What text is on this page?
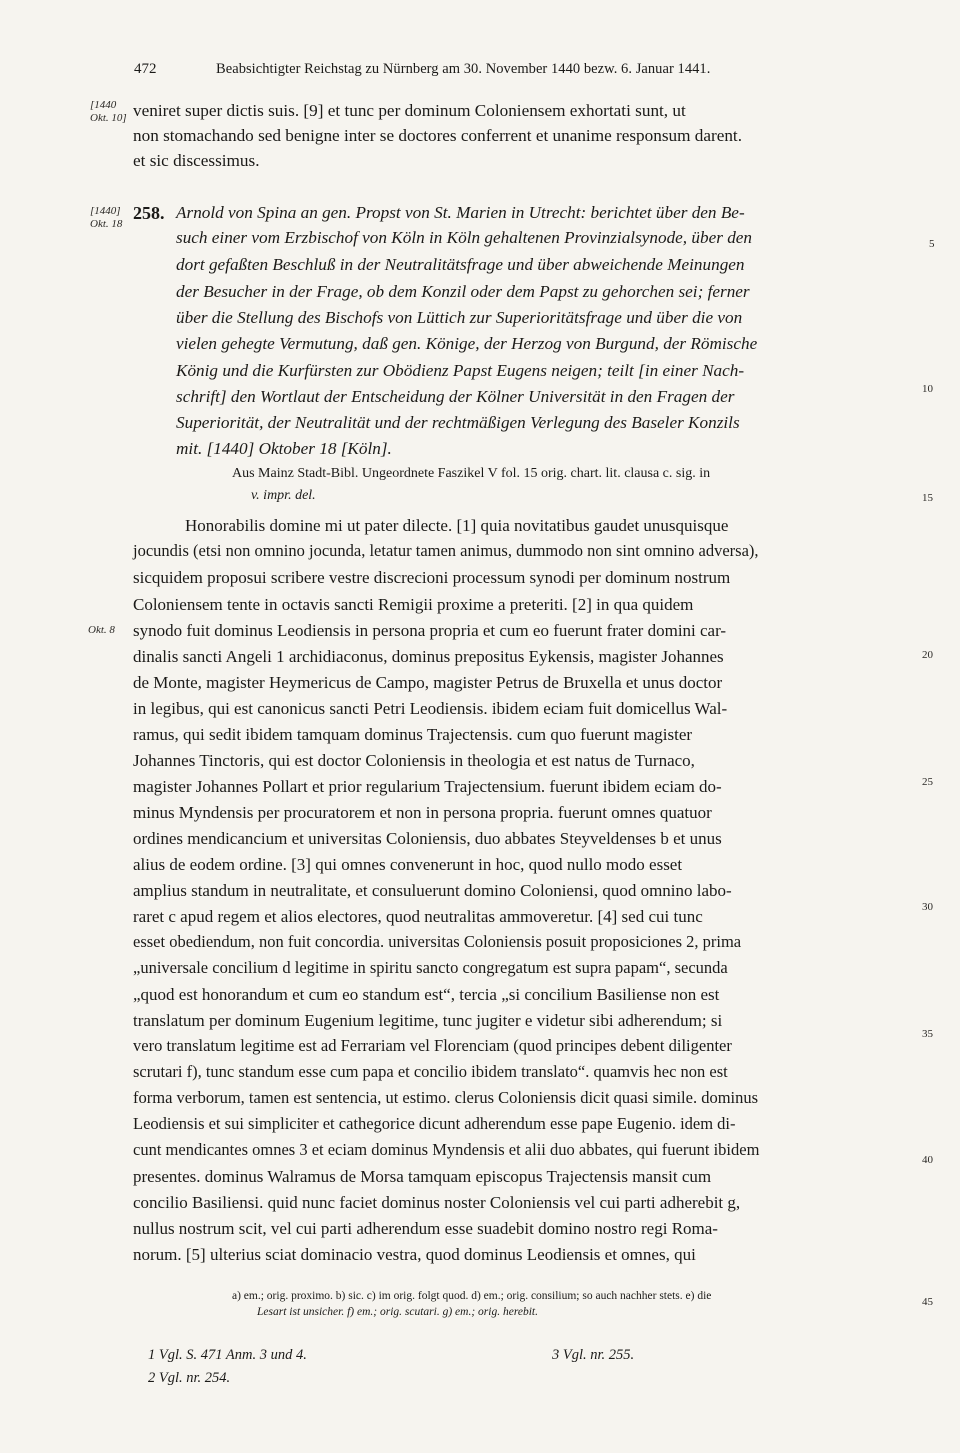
472	Beabsichtigter Reichstag zu Nürnberg am 30. November 1440 bezw. 6. Januar 1441.
[1440
Okt. 10]
[1440]
Okt. 18
Okt. 8
5
10
15
20
25
30
35
40
45
veniret super dictis suis. [9] et tunc per dominum Coloniensem exhortati sunt, ut
non stomachando sed benigne inter se doctores conferrent et unanime responsum darent.
et sic discessimus.
258. Arnold von Spina an gen. Propst von St. Marien in Utrecht: berichtet über den Be-
such einer vom Erzbischof von Köln in Köln gehaltenen Provinzialsynode, über den
dort gefaßten Beschluß in der Neutralitätsfrage und über abweichende Meinungen
der Besucher in der Frage, ob dem Konzil oder dem Papst zu gehorchen sei; ferner
über die Stellung des Bischofs von Lüttich zur Superioritätsfrage und über die von
vielen gehegte Vermutung, daß gen. Könige, der Herzog von Burgund, der Römische
König und die Kurfürsten zur Obödienz Papst Eugens neigen; teilt [in einer Nach-
schrift] den Wortlaut der Entscheidung der Kölner Universität in den Fragen der
Superiorität, der Neutralität und der rechtmäßigen Verlegung des Baseler Konzils
mit. [1440] Oktober 18 [Köln].
Aus Mainz Stadt-Bibl. Ungeordnete Faszikel V fol. 15 orig. chart. lit. clausa c. sig. in
v. impr. del.
Honorabilis domine mi ut pater dilecte. [1] quia novitatibus gaudet unusquisque
jocundis (etsi non omnino jocunda, letatur tamen animus, dummodo non sint omnino adversa),
sicquidem proposui scribere vestre discrecioni processum synodi per dominum nostrum
Coloniensem tente in octavis sancti Remigii proxime a preteriti. [2] in qua quidem
synodo fuit dominus Leodiensis in persona propria et cum eo fuerunt frater domini car-
dinalis sancti Angeli 1 archidiaconus, dominus prepositus Eykensis, magister Johannes
de Monte, magister Heymericus de Campo, magister Petrus de Bruxella et unus doctor
in legibus, qui est canonicus sancti Petri Leodiensis. ibidem eciam fuit domicellus Wal-
ramus, qui sedit ibidem tamquam dominus Trajectensis. cum quo fuerunt magister
Johannes Tinctoris, qui est doctor Coloniensis in theologia et est natus de Turnaco,
magister Johannes Pollart et prior regularium Trajectensium. fuerunt ibidem eciam do-
minus Myndensis per procuratorem et non in persona propria. fuerunt omnes quatuor
ordines mendicancium et universitas Coloniensis, duo abbates Steyveldenses b et unus
alius de eodem ordine. [3] qui omnes convenerunt in hoc, quod nullo modo esset
amplius standum in neutralitate, et consuluerunt domino Coloniensi, quod omnino labo-
raret c apud regem et alios electores, quod neutralitas ammoveretur. [4] sed cui tunc
esset obediendum, non fuit concordia. universitas Coloniensis posuit proposiciones 2, prima
„universale concilium d legitime in spiritu sancto congregatum est supra papam“, secunda
„quod est honorandum et cum eo standum est“, tercia „si concilium Basiliense non est
translatum per dominum Eugenium legitime, tunc jugiter e videtur sibi adherendum; si
vero translatum legitime est ad Ferrariam vel Florenciam (quod principes debent diligenter
scrutari f), tunc standum esse cum papa et concilio ibidem translato“. quamvis hec non est
forma verborum, tamen est sentencia, ut estimo. clerus Coloniensis dicit quasi simile. dominus
Leodiensis et sui simpliciter et cathegorice dicunt adherendum esse pape Eugenio. idem di-
cunt mendicantes omnes 3 et eciam dominus Myndensis et alii duo abbates, qui fuerunt ibidem
presentes. dominus Walramus de Morsa tamquam episcopus Trajectensis mansit cum
concilio Basiliensi. quid nunc faciet dominus noster Coloniensis vel cui parti adherebit g,
nullus nostrum scit, vel cui parti adherendum esse suadebit domino nostro regi Roma-
norum. [5] ulterius sciat dominacio vestra, quod dominus Leodiensis et omnes, qui
a) em.; orig. proximo. b) sic. c) im orig. folgt quod. d) em.; orig. consilium; so auch nachher stets. e) die
Lesart ist unsicher. f) em.; orig. scutari. g) em.; orig. herebit.
1 Vgl. S. 471 Anm. 3 und 4.	3 Vgl. nr. 255.
2 Vgl. nr. 254.
